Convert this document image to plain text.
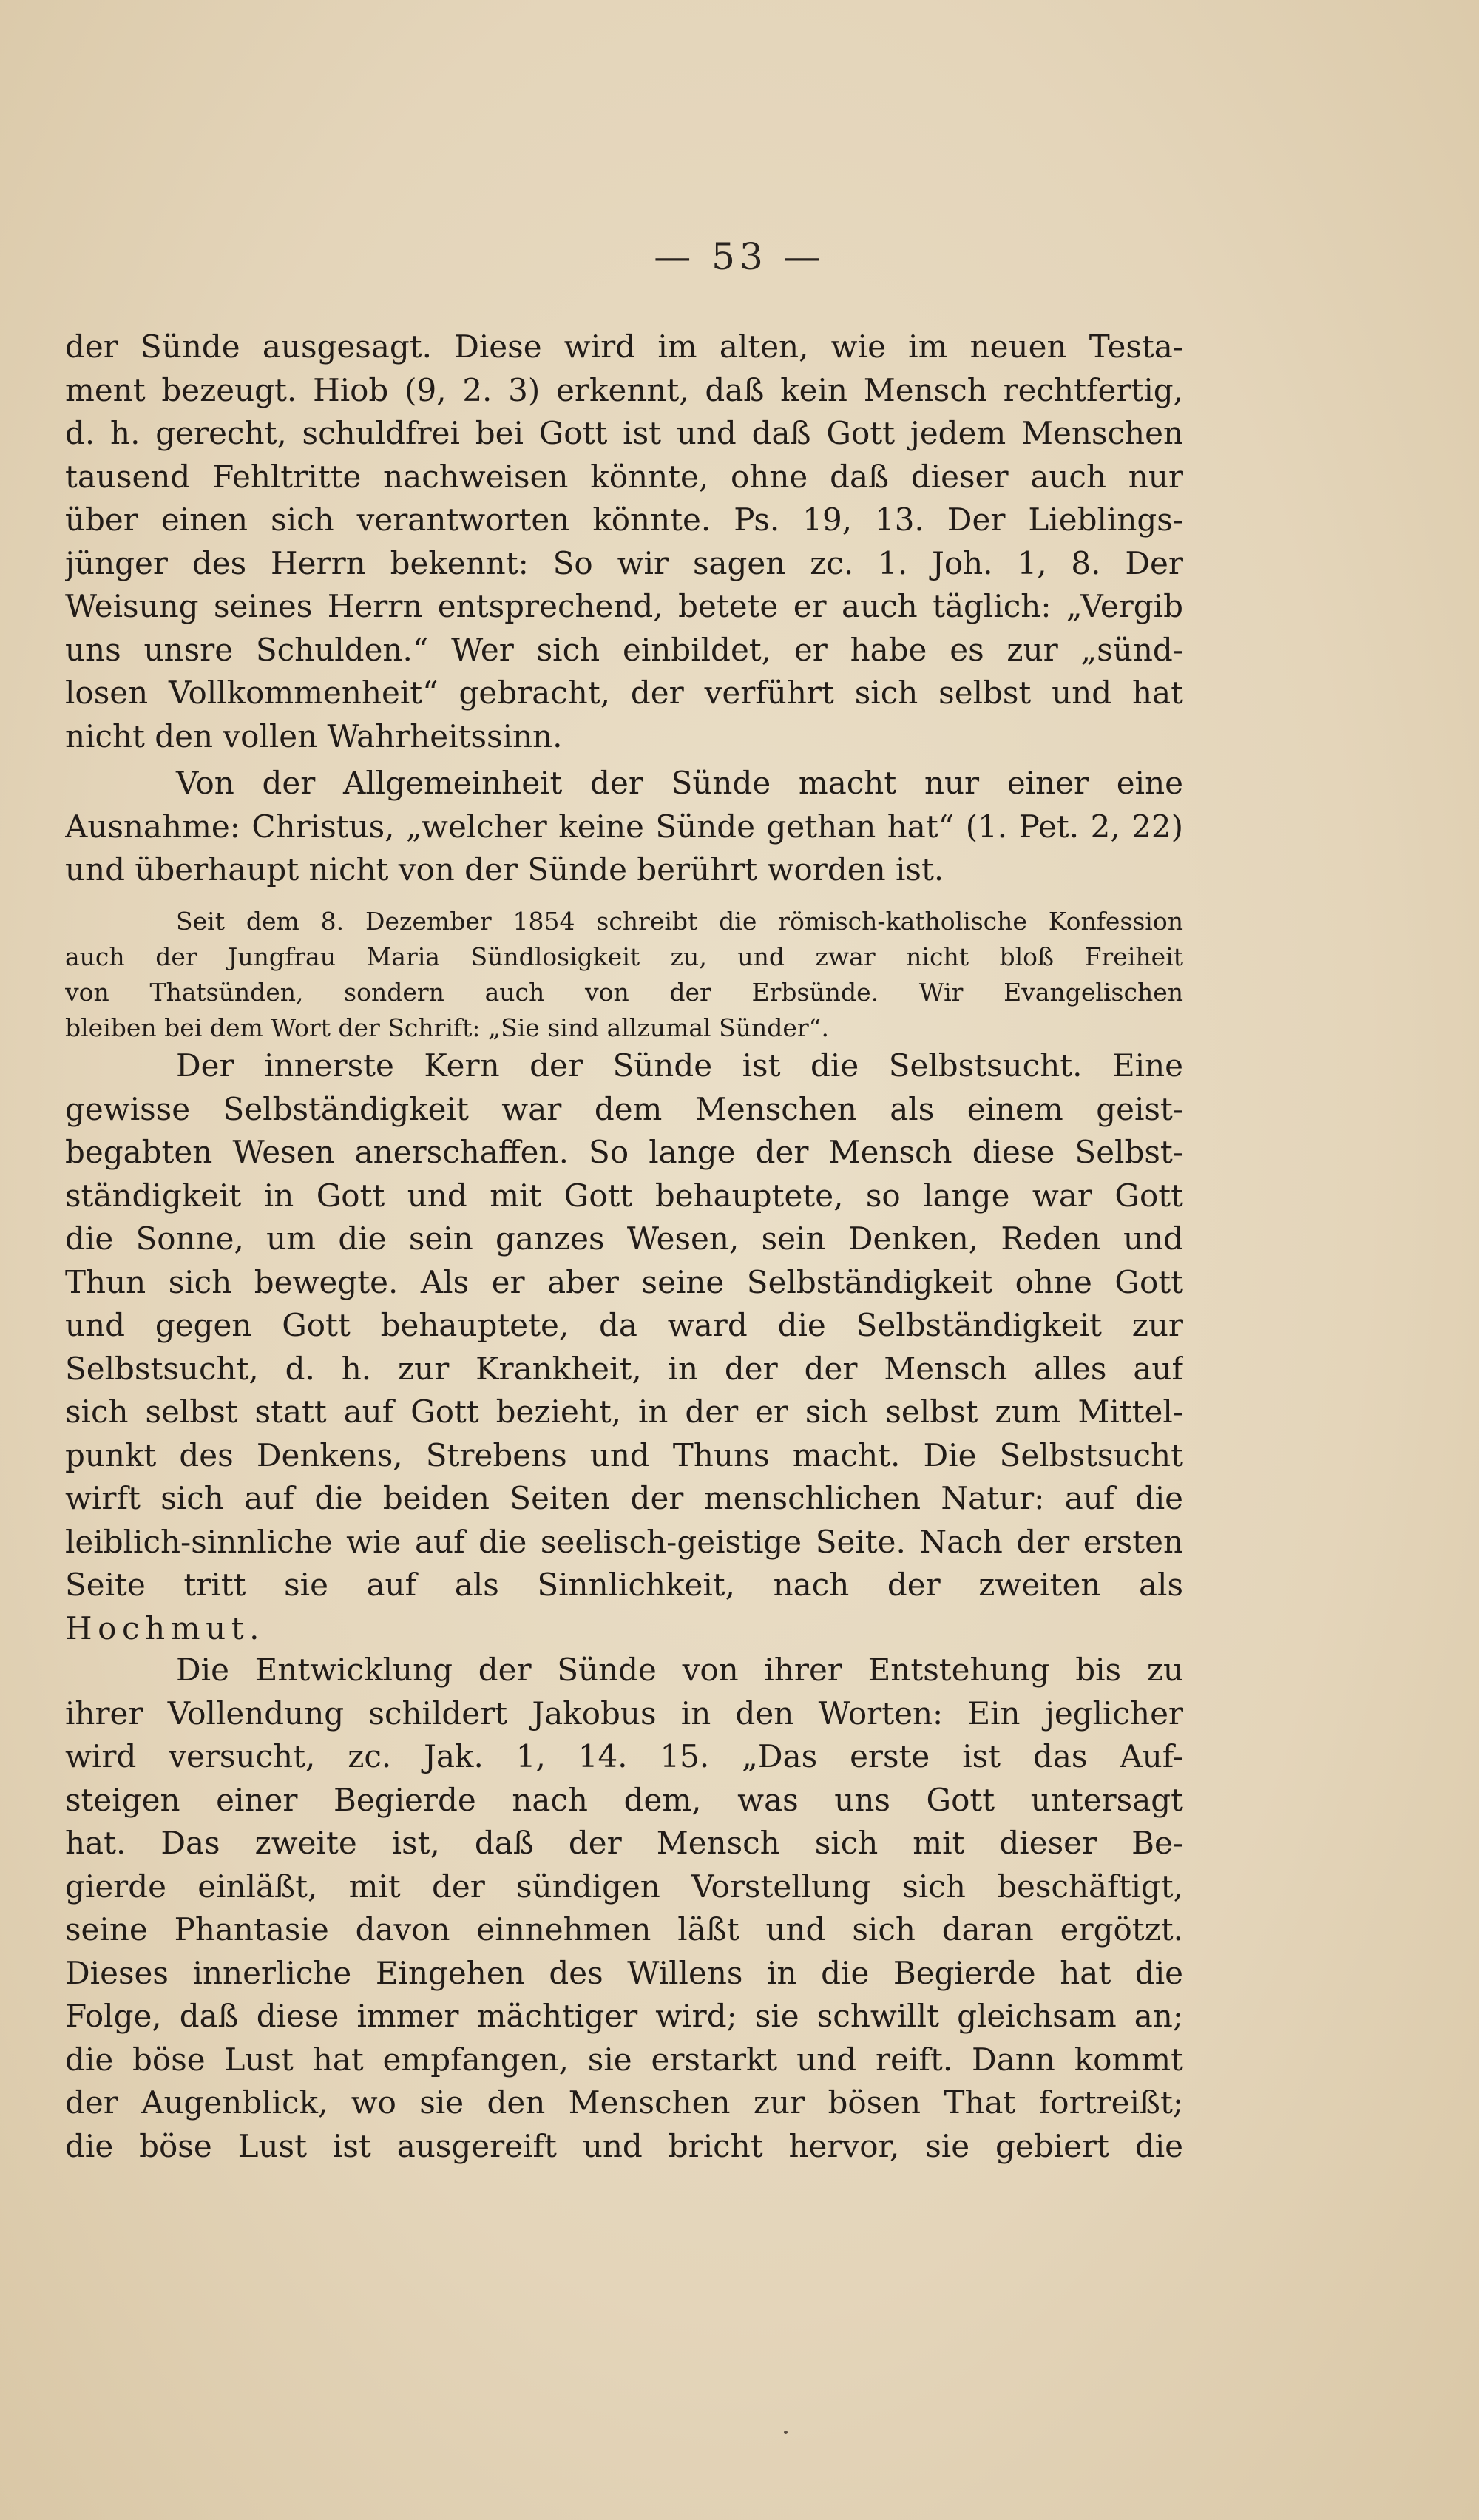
— 53 —
der Sünde ausgesagt. Diese wird im alten, wie im neuen Testa-
ment bezeugt. Hiob (9, 2. 3) erkennt, daß kein Mensch rechtfertig,
d. h. gerecht, schuldfrei bei Gott ist und daß Gott jedem Menschen
tausend Fehltritte nachweisen könnte, ohne daß dieser auch nur
über einen sich verantworten könnte. Ps. 19, 13. Der Lieblings-
jünger des Herrn bekennt: So wir sagen zc. 1. Joh. 1, 8. Der
Weisung seines Herrn entsprechend, betete er auch täglich: „Vergib
uns unsre Schulden.“ Wer sich einbildet, er habe es zur „sünd-
losen Vollkommenheit“ gebracht, der verführt sich selbst und hat
nicht den vollen Wahrheitssinn.
Von der Allgemeinheit der Sünde macht nur einer eine
Ausnahme: Christus, „welcher keine Sünde gethan hat“ (1. Pet. 2, 22)
und überhaupt nicht von der Sünde berührt worden ist.
Seit dem 8. Dezember 1854 schreibt die römisch-katholische Konfession
auch der Jungfrau Maria Sündlosigkeit zu, und zwar nicht bloß Freiheit
von Thatsünden, sondern auch von der Erbsünde. Wir Evangelischen
bleiben bei dem Wort der Schrift: „Sie sind allzumal Sünder“.
Der innerste Kern der Sünde ist die Selbstsucht. Eine
gewisse Selbständigkeit war dem Menschen als einem geist-
begabten Wesen anerschaffen. So lange der Mensch diese Selbst-
ständigkeit in Gott und mit Gott behauptete, so lange war Gott
die Sonne, um die sein ganzes Wesen, sein Denken, Reden und
Thun sich bewegte. Als er aber seine Selbständigkeit ohne Gott
und gegen Gott behauptete, da ward die Selbständigkeit zur
Selbstsucht, d. h. zur Krankheit, in der der Mensch alles auf
sich selbst statt auf Gott bezieht, in der er sich selbst zum Mittel-
punkt des Denkens, Strebens und Thuns macht. Die Selbstsucht
wirft sich auf die beiden Seiten der menschlichen Natur: auf die
leiblich-sinnliche wie auf die seelisch-geistige Seite. Nach der ersten
Seite tritt sie auf als Sinnlichkeit, nach der zweiten als
Hochmut.
Die Entwicklung der Sünde von ihrer Entstehung bis zu
ihrer Vollendung schildert Jakobus in den Worten: Ein jeglicher
wird versucht, zc. Jak. 1, 14. 15. „Das erste ist das Auf-
steigen einer Begierde nach dem, was uns Gott untersagt
hat. Das zweite ist, daß der Mensch sich mit dieser Be-
gierde einläßt, mit der sündigen Vorstellung sich beschäftigt,
seine Phantasie davon einnehmen läßt und sich daran ergötzt.
Dieses innerliche Eingehen des Willens in die Begierde hat die
Folge, daß diese immer mächtiger wird; sie schwillt gleichsam an;
die böse Lust hat empfangen, sie erstarkt und reift. Dann kommt
der Augenblick, wo sie den Menschen zur bösen That fortreißt;
die böse Lust ist ausgereift und bricht hervor, sie gebiert die
